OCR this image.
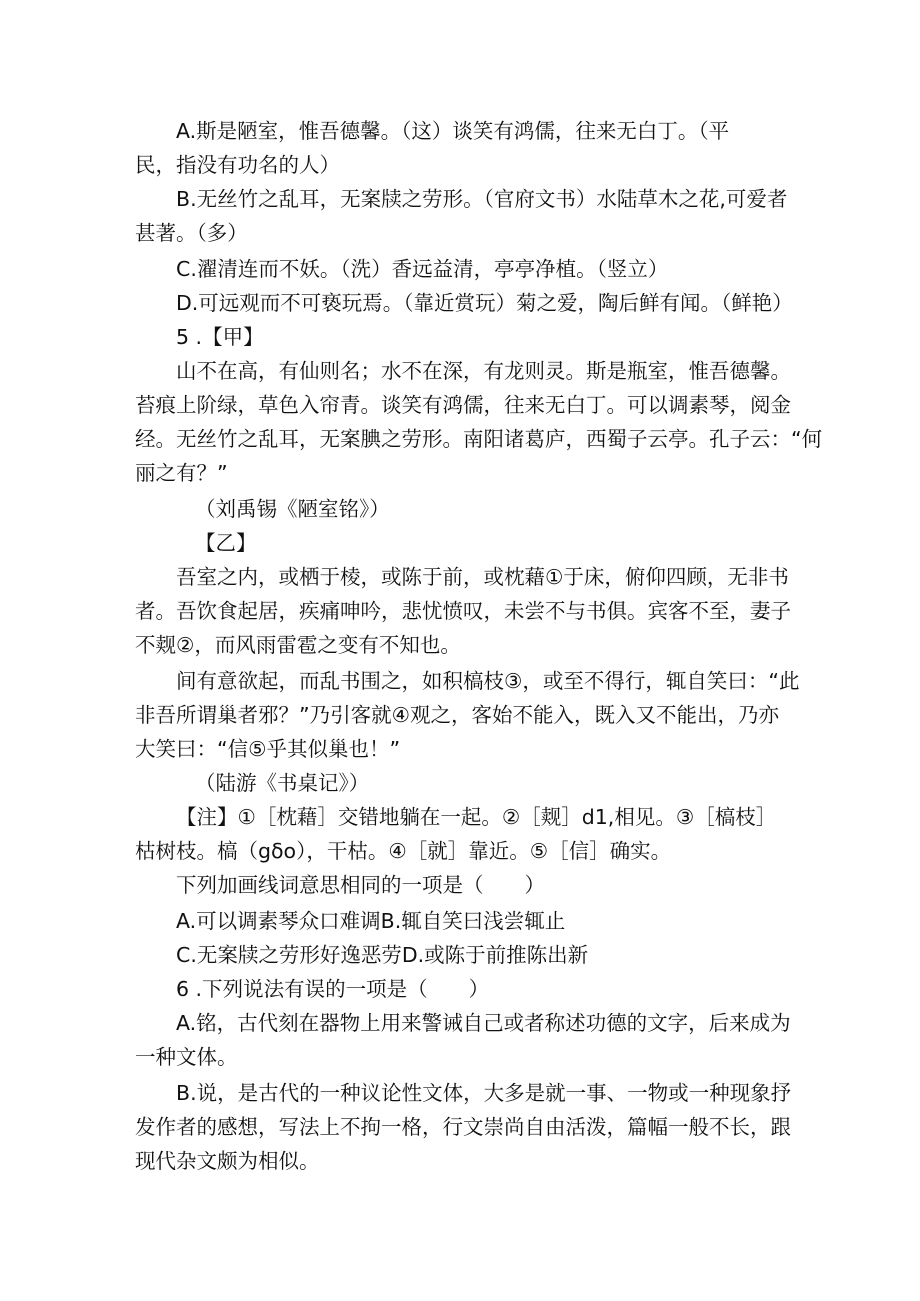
A.斯是陋室，惟吾德馨。（这）谈笑有鸿儒，往来无白丁。（平
民，指没有功名的人）
B.无丝竹之乱耳，无案牍之劳形。（官府文书）水陆草木之花,可爱者
甚著。（多）
C.濯清连而不妖。（洗）香远益清，亭亭净植。（竖立）
D.可远观而不可亵玩焉。（靠近赏玩）菊之爱，陶后鲜有闻。（鲜艳）
5 .【甲】
山不在高，有仙则名；水不在深，有龙则灵。斯是瓶室，惟吾德馨。
苔痕上阶绿，草色入帘青。谈笑有鸿儒，往来无白丁。可以调素琴，阅金
经。无丝竹之乱耳，无案腆之劳形。南阳诸葛庐，西蜀子云亭。孔子云：“何
丽之有？”
（刘禹锡《陋室铭》）
【乙】
吾室之内，或栖于棱，或陈于前，或枕藉①于床，俯仰四顾，无非书
者。吾饮食起居，疾痛呻吟，悲忧愤叹，未尝不与书俱。宾客不至，妻子
不觌②，而风雨雷雹之变有不知也。
间有意欲起，而乱书围之，如积槁枝③，或至不得行，辄自笑曰：“此
非吾所谓巢者邪？”乃引客就④观之，客始不能入，既入又不能出，乃亦
大笑曰：“信⑤乎其似巢也！”
（陆游《书桌记》）
【注】①［枕藉］交错地躺在一起。②［觌］d1,相见。③［槁枝］
枯树枝。槁（gδo），干枯。④［就］靠近。⑤［信］确实。
下列加画线词意思相同的一项是（　　）
A.可以调素琴众口难调B.辄自笑曰浅尝辄止
C.无案牍之劳形好逸恶劳D.或陈于前推陈出新
6 .下列说法有误的一项是（　　）
A.铭，古代刻在器物上用来警诫自己或者称述功德的文字，后来成为
一种文体。
B.说，是古代的一种议论性文体，大多是就一事、一物或一种现象抒
发作者的感想，写法上不拘一格，行文崇尚自由活泼，篇幅一般不长，跟
现代杂文颇为相似。
